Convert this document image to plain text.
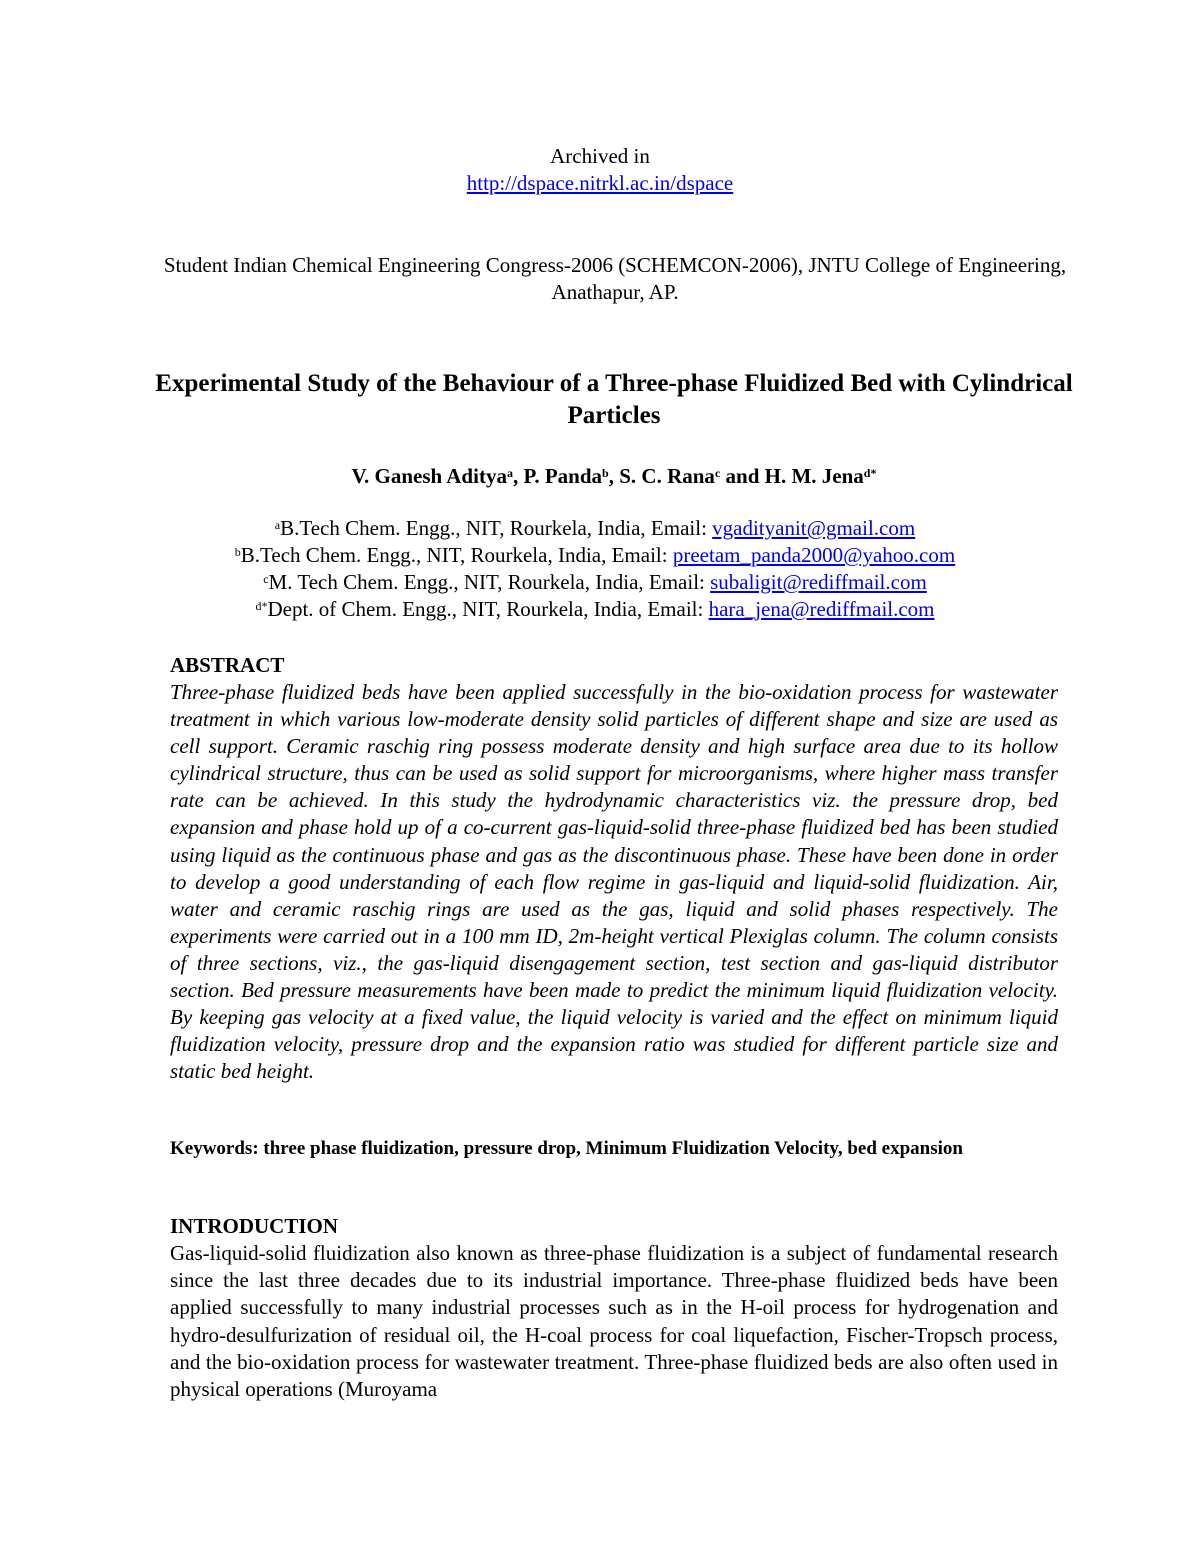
Archived in
http://dspace.nitrkl.ac.in/dspace
Student Indian Chemical Engineering Congress-2006 (SCHEMCON-2006), JNTU College of Engineering, Anathapur, AP.
Experimental Study of the Behaviour of a Three-phase Fluidized Bed with Cylindrical Particles
V. Ganesh Aditya$^a$, P. Panda$^b$, S. C. Rana$^c$ and H. M. Jena$^{d*}$
$^a$B.Tech Chem. Engg., NIT, Rourkela, India, Email: vgadityanit@gmail.com
$^b$B.Tech Chem. Engg., NIT, Rourkela, India, Email: preetam_panda2000@yahoo.com
$^c$M. Tech Chem. Engg., NIT, Rourkela, India, Email: subaligit@rediffmail.com
$^{d*}$Dept. of Chem. Engg., NIT, Rourkela, India, Email: hara_jena@rediffmail.com
ABSTRACT
Three-phase fluidized beds have been applied successfully in the bio-oxidation process for wastewater treatment in which various low-moderate density solid particles of different shape and size are used as cell support. Ceramic raschig ring possess moderate density and high surface area due to its hollow cylindrical structure, thus can be used as solid support for microorganisms, where higher mass transfer rate can be achieved. In this study the hydrodynamic characteristics viz. the pressure drop, bed expansion and phase hold up of a co-current gas-liquid-solid three-phase fluidized bed has been studied using liquid as the continuous phase and gas as the discontinuous phase. These have been done in order to develop a good understanding of each flow regime in gas-liquid and liquid-solid fluidization. Air, water and ceramic raschig rings are used as the gas, liquid and solid phases respectively. The experiments were carried out in a 100 mm ID, 2m-height vertical Plexiglas column. The column consists of three sections, viz., the gas-liquid disengagement section, test section and gas-liquid distributor section. Bed pressure measurements have been made to predict the minimum liquid fluidization velocity. By keeping gas velocity at a fixed value, the liquid velocity is varied and the effect on minimum liquid fluidization velocity, pressure drop and the expansion ratio was studied for different particle size and static bed height.
Keywords: three phase fluidization, pressure drop, Minimum Fluidization Velocity, bed expansion
INTRODUCTION
Gas-liquid-solid fluidization also known as three-phase fluidization is a subject of fundamental research since the last three decades due to its industrial importance. Three-phase fluidized beds have been applied successfully to many industrial processes such as in the H-oil process for hydrogenation and hydro-desulfurization of residual oil, the H-coal process for coal liquefaction, Fischer-Tropsch process, and the bio-oxidation process for wastewater treatment. Three-phase fluidized beds are also often used in physical operations (Muroyama
